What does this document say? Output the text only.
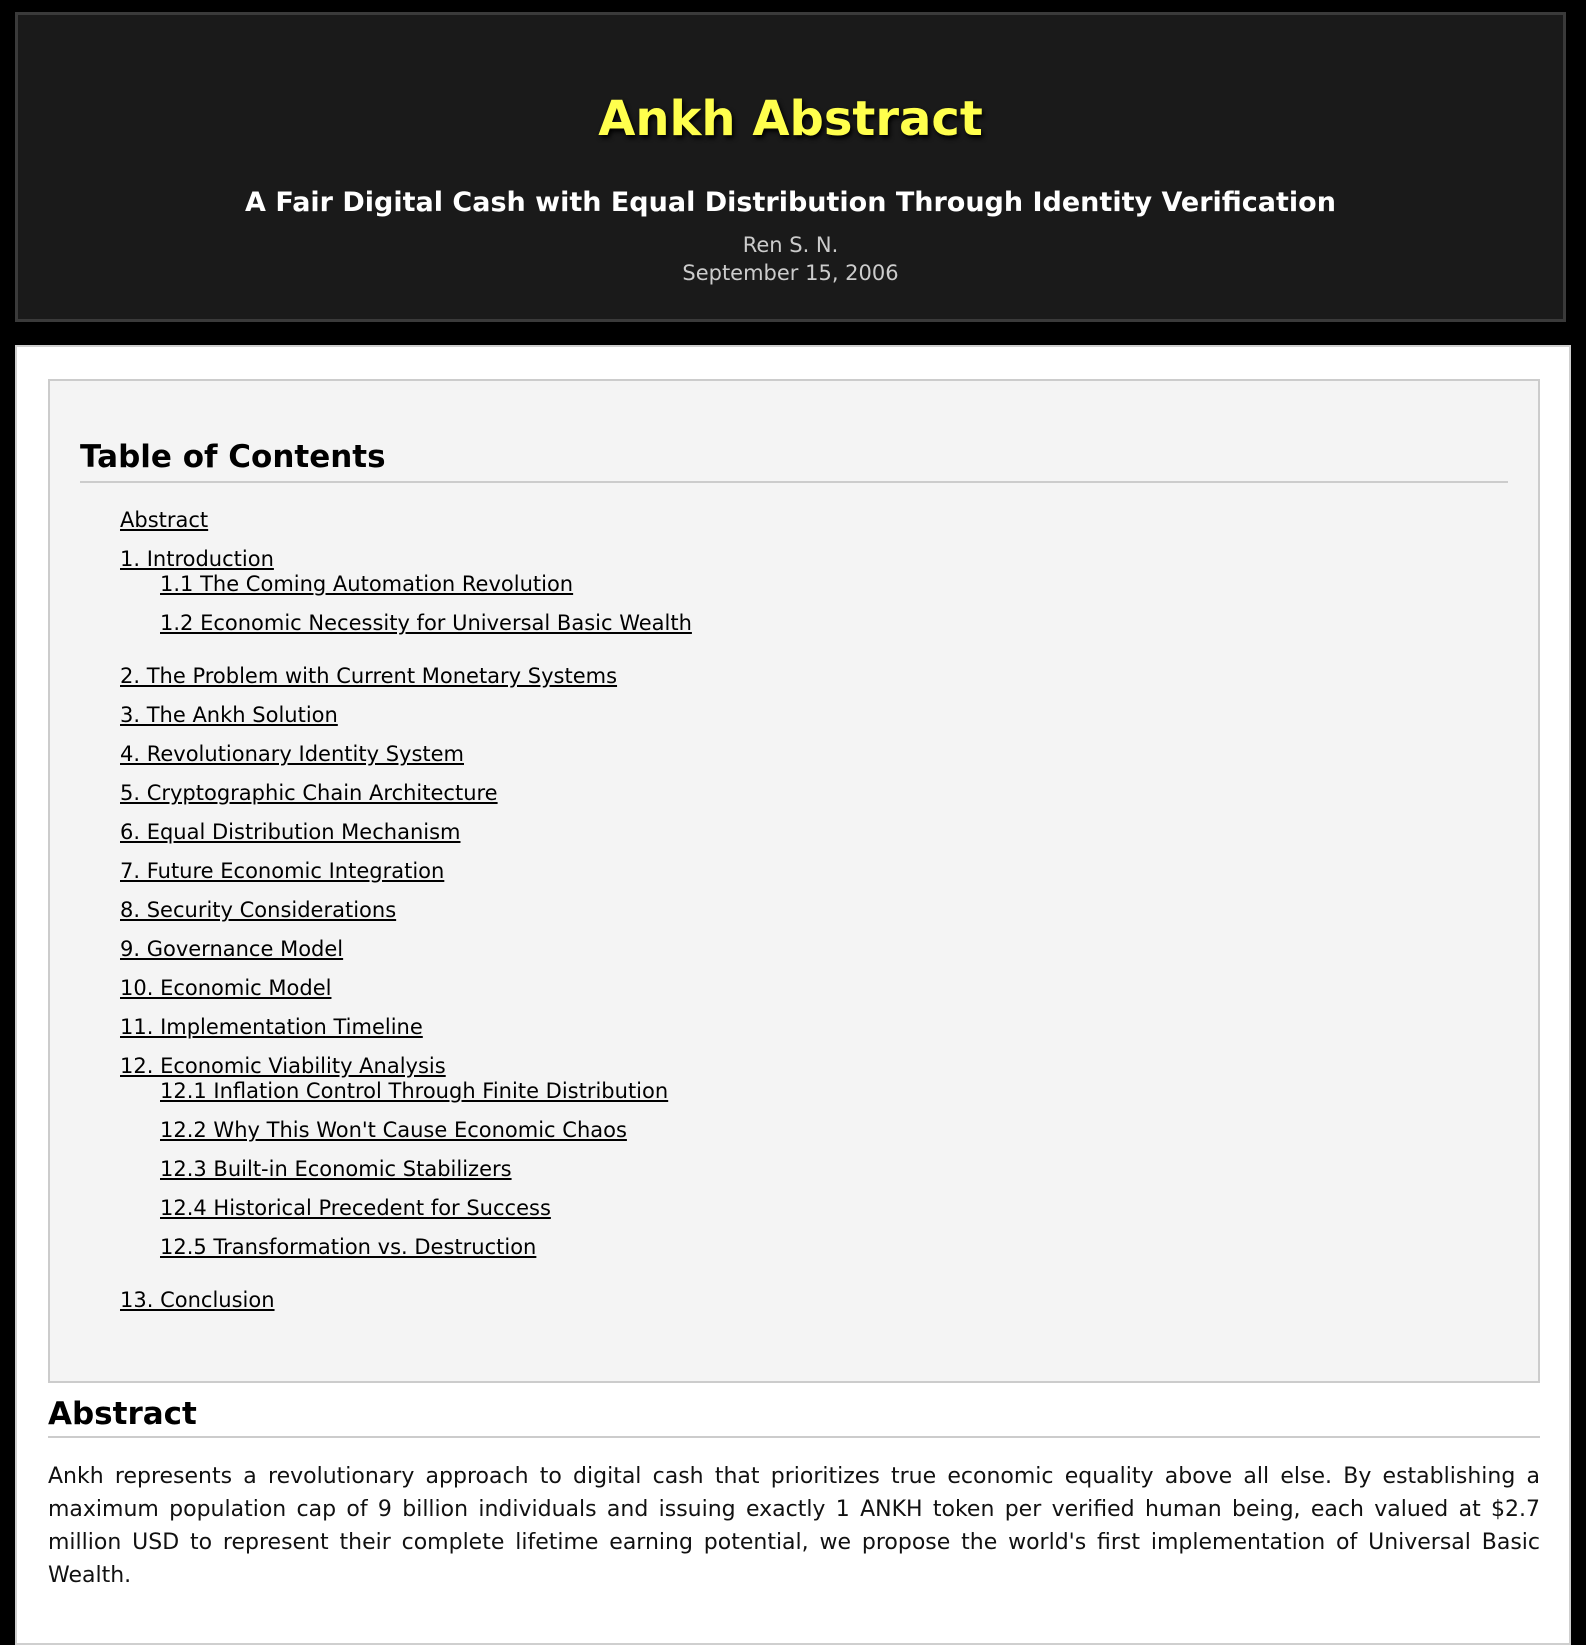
Ankh Abstract
A Fair Digital Cash with Equal Distribution Through Identity Verification
Ren S. N.
September 15, 2006
Table of Contents
Abstract
1. Introduction
1.1 The Coming Automation Revolution
1.2 Economic Necessity for Universal Basic Wealth
2. The Problem with Current Monetary Systems
3. The Ankh Solution
4. Revolutionary Identity System
5. Cryptographic Chain Architecture
6. Equal Distribution Mechanism
7. Future Economic Integration
8. Security Considerations
9. Governance Model
10. Economic Model
11. Implementation Timeline
12. Economic Viability Analysis
12.1 Inflation Control Through Finite Distribution
12.2 Why This Won't Cause Economic Chaos
12.3 Built-in Economic Stabilizers
12.4 Historical Precedent for Success
12.5 Transformation vs. Destruction
13. Conclusion
Abstract

Ankh represents a revolutionary approach to digital cash that prioritizes true economic equality above all else. By establishing a maximum population cap of 9 billion individuals and issuing exactly 1 ANKH token per verified human being, each valued at $2.7 million USD to represent their complete lifetime earning potential, we propose the world's first implementation of Universal Basic Wealth.
